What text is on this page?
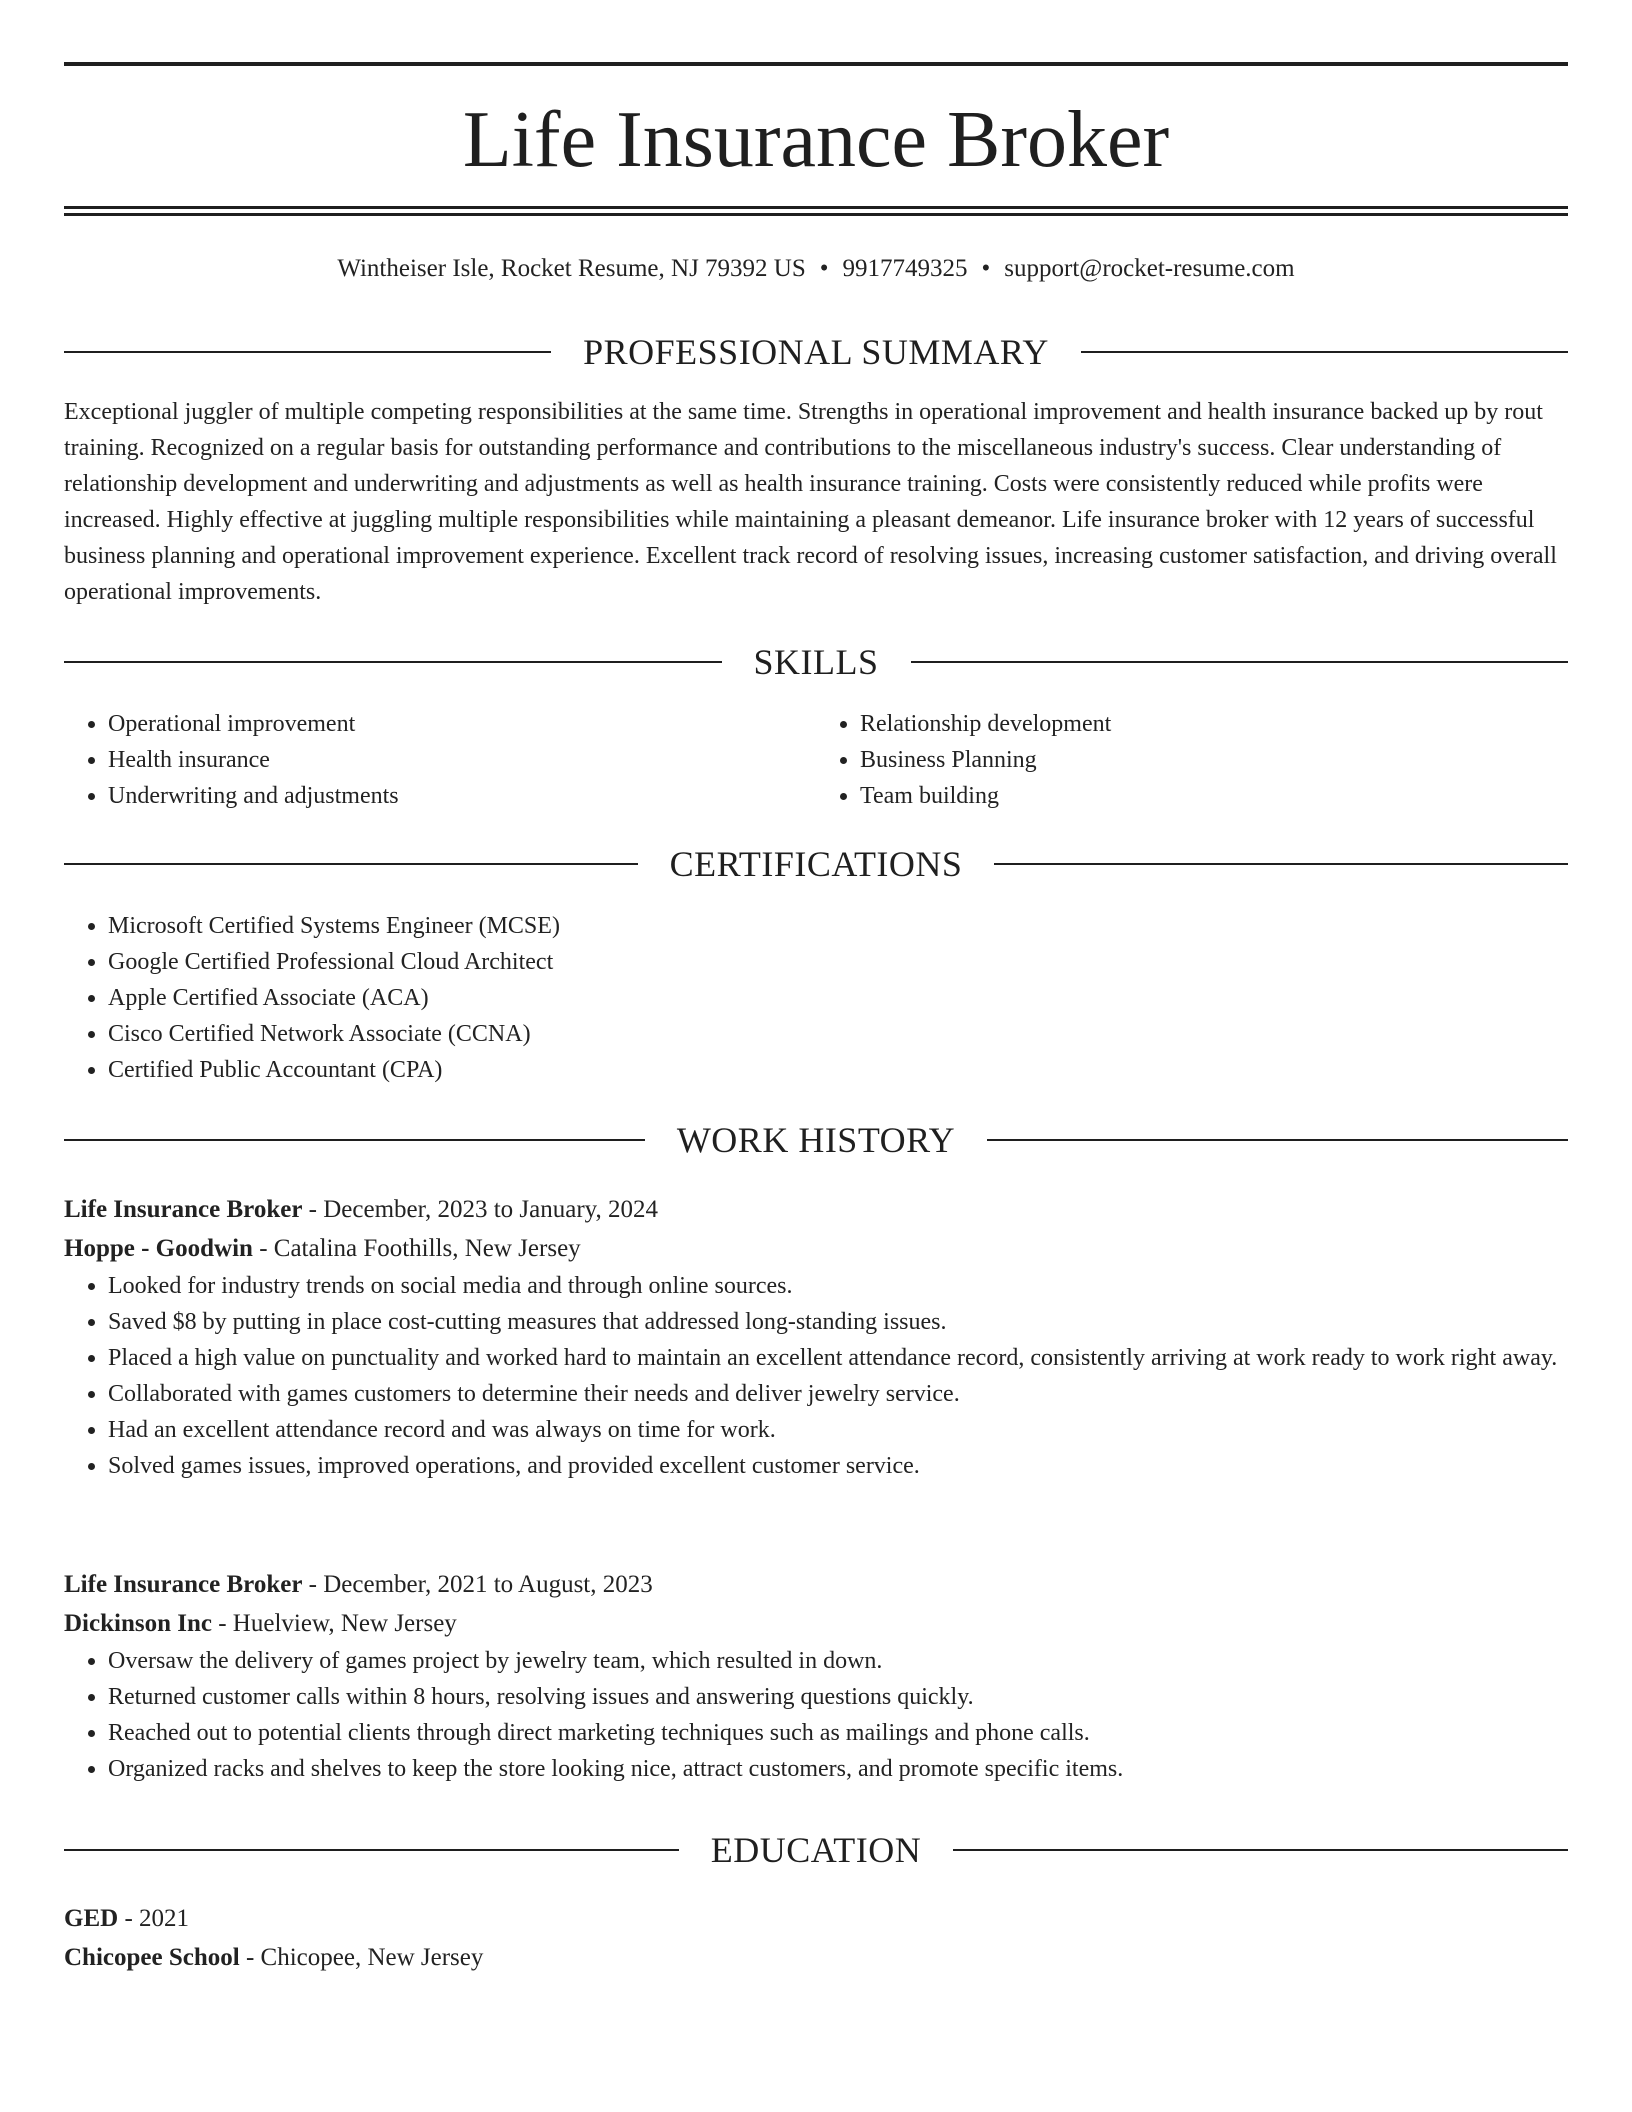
Life Insurance Broker
Wintheiser Isle, Rocket Resume, NJ 79392 US • 9917749325 • support@rocket-resume.com
PROFESSIONAL SUMMARY

Exceptional juggler of multiple competing responsibilities at the same time. Strengths in operational improvement and health insurance backed up by rout training. Recognized on a regular basis for outstanding performance and contributions to the miscellaneous industry's success. Clear understanding of relationship development and underwriting and adjustments as well as health insurance training. Costs were consistently reduced while profits were increased. Highly effective at juggling multiple responsibilities while maintaining a pleasant demeanor. Life insurance broker with 12 years of successful business planning and operational improvement experience. Excellent track record of resolving issues, increasing customer satisfaction, and driving overall operational improvements.

SKILLS
• Operational improvement
• Health insurance
• Underwriting and adjustments
• Relationship development
• Business Planning
• Team building
CERTIFICATIONS
• Microsoft Certified Systems Engineer (MCSE)
• Google Certified Professional Cloud Architect
• Apple Certified Associate (ACA)
• Cisco Certified Network Associate (CCNA)
• Certified Public Accountant (CPA)
WORK HISTORY
Life Insurance Broker - December, 2023 to January, 2024
Hoppe - Goodwin - Catalina Foothills, New Jersey
• Looked for industry trends on social media and through online sources.
• Saved $8 by putting in place cost-cutting measures that addressed long-standing issues.
• Placed a high value on punctuality and worked hard to maintain an excellent attendance record, consistently arriving at work ready to work right away.
• Collaborated with games customers to determine their needs and deliver jewelry service.
• Had an excellent attendance record and was always on time for work.
• Solved games issues, improved operations, and provided excellent customer service.
Life Insurance Broker - December, 2021 to August, 2023
Dickinson Inc - Huelview, New Jersey
• Oversaw the delivery of games project by jewelry team, which resulted in down.
• Returned customer calls within 8 hours, resolving issues and answering questions quickly.
• Reached out to potential clients through direct marketing techniques such as mailings and phone calls.
• Organized racks and shelves to keep the store looking nice, attract customers, and promote specific items.
EDUCATION
GED - 2021
Chicopee School - Chicopee, New Jersey
